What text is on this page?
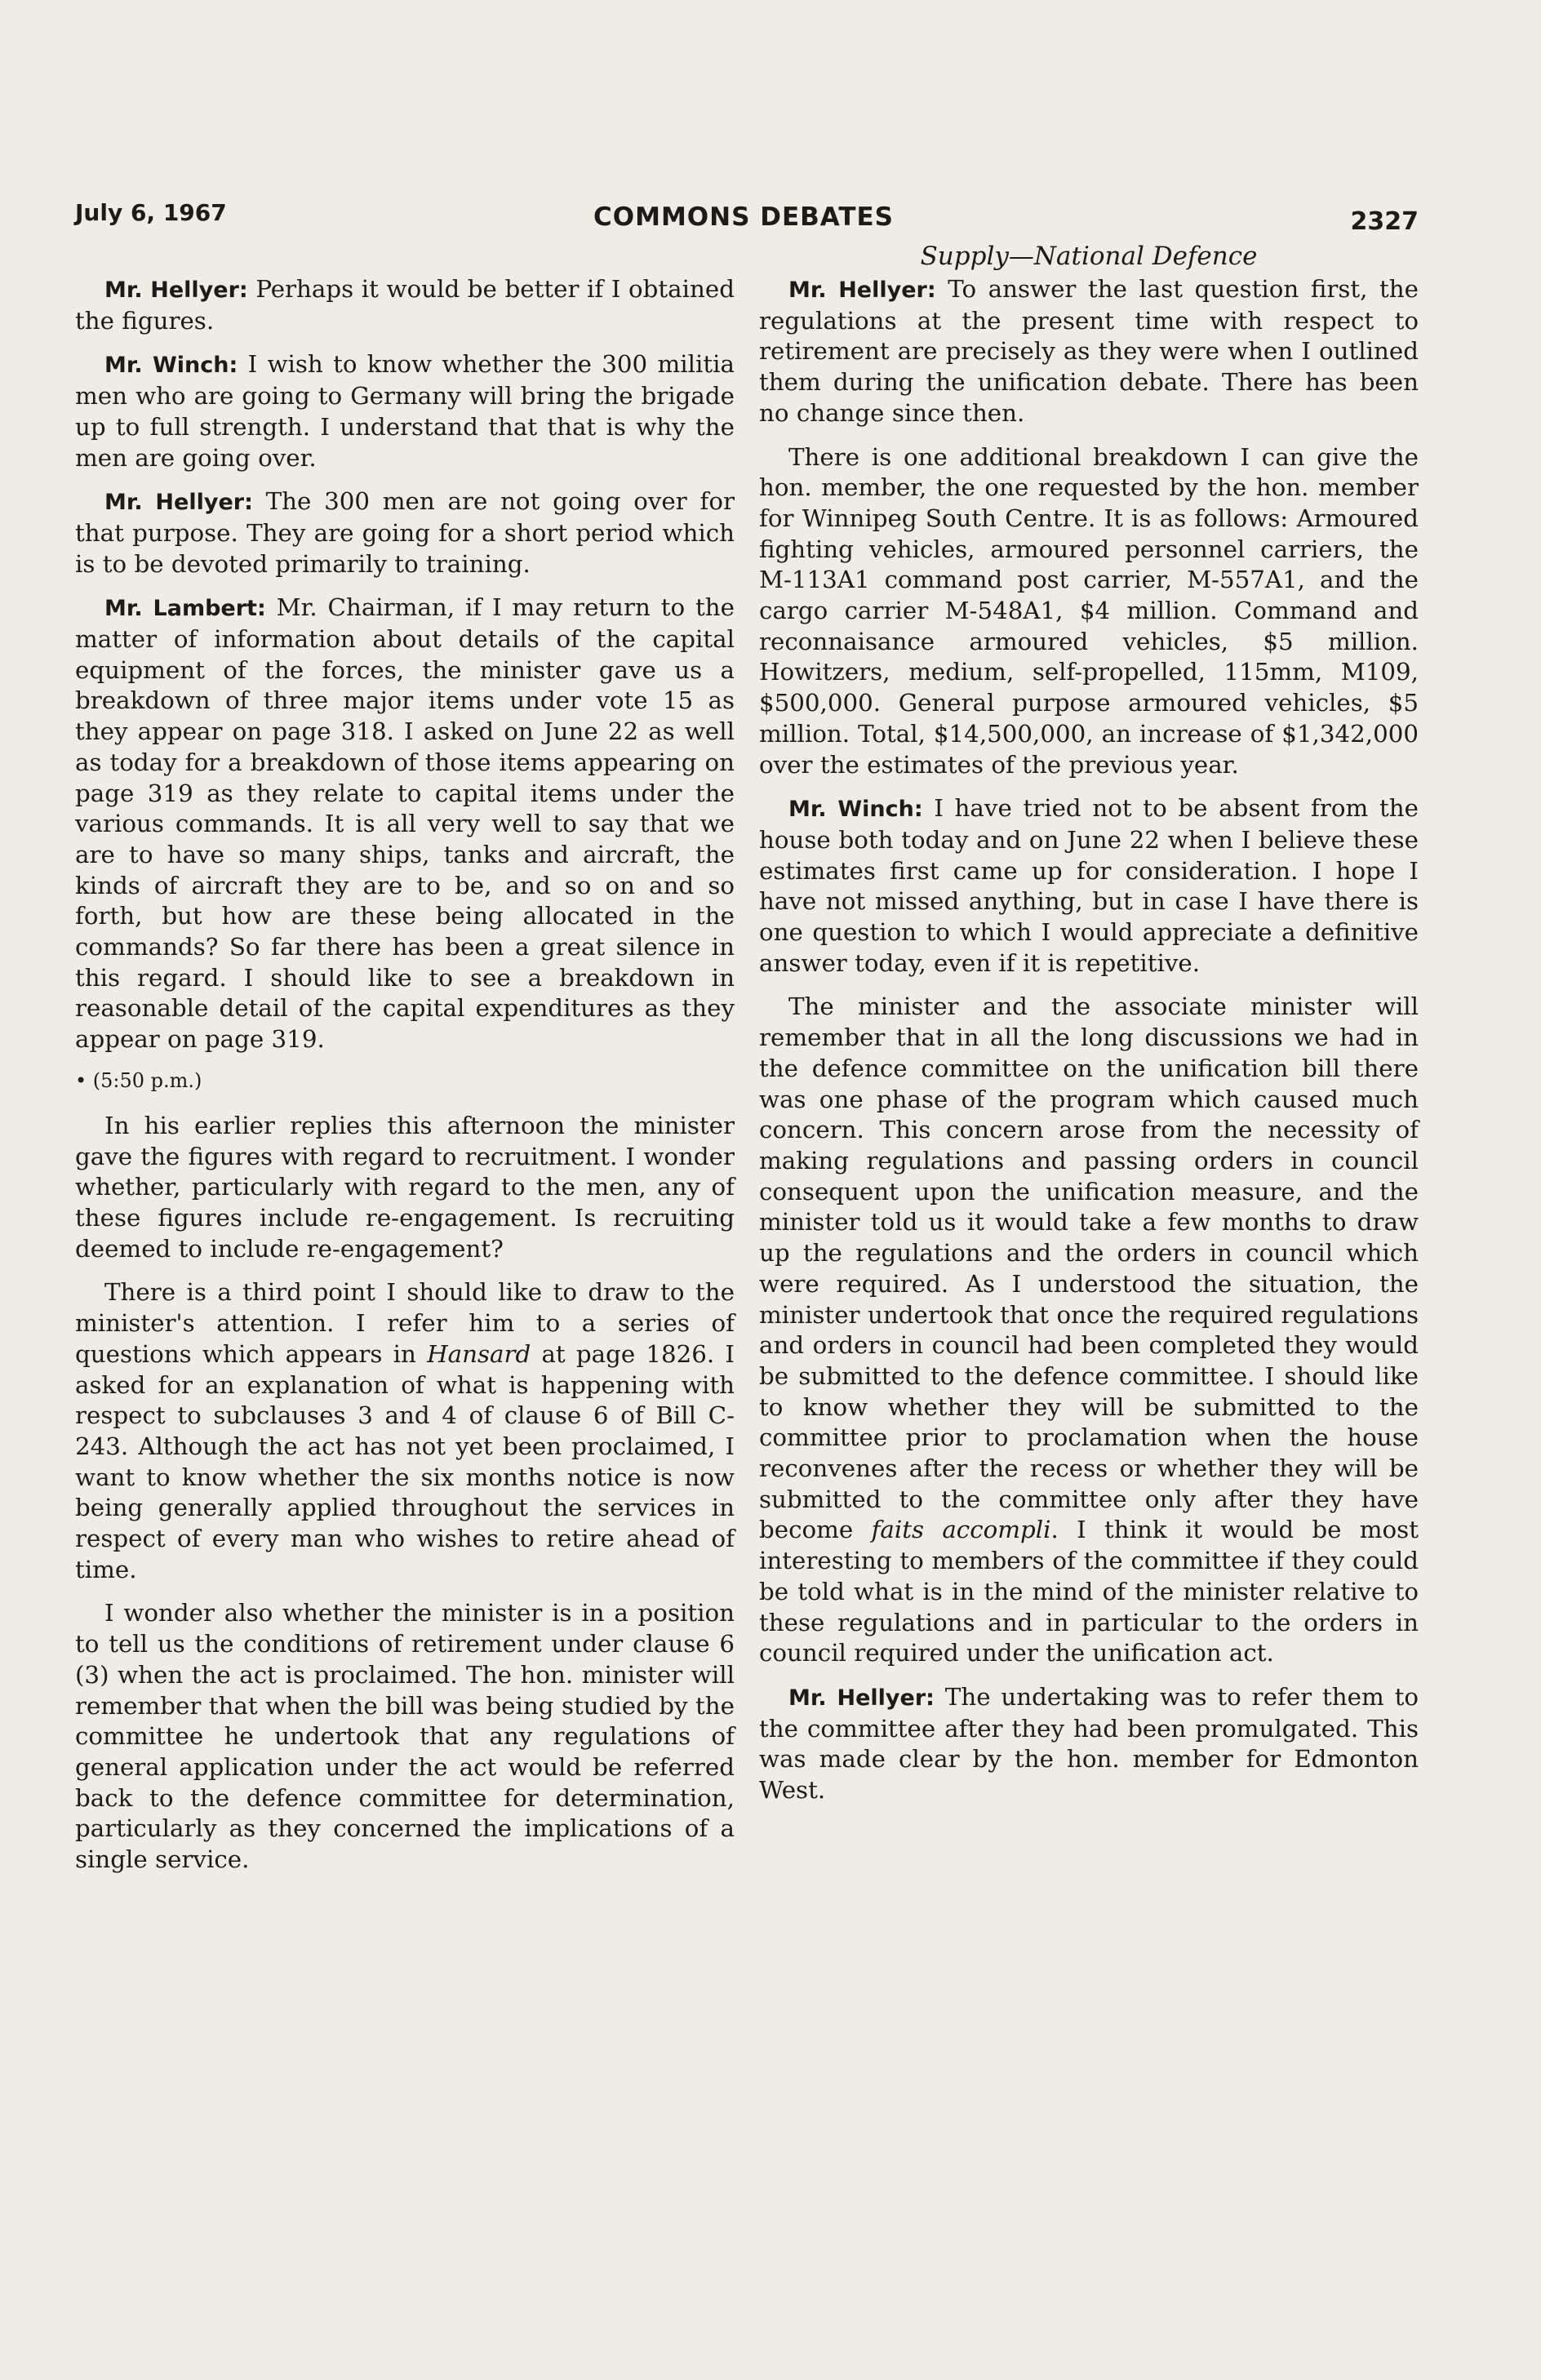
July 6, 1967	COMMONS DEBATES	2327
Supply—National Defence

Mr. Hellyer: Perhaps it would be better if I obtained the figures.

Mr. Winch: I wish to know whether the 300 militia men who are going to Germany will bring the brigade up to full strength. I understand that that is why the men are going over.

Mr. Hellyer: The 300 men are not going over for that purpose. They are going for a short period which is to be devoted primarily to training.

Mr. Lambert: Mr. Chairman, if I may return to the matter of information about details of the capital equipment of the forces, the minister gave us a breakdown of three major items under vote 15 as they appear on page 318. I asked on June 22 as well as today for a breakdown of those items appearing on page 319 as they relate to capital items under the various commands. It is all very well to say that we are to have so many ships, tanks and aircraft, the kinds of aircraft they are to be, and so on and so forth, but how are these being allocated in the commands? So far there has been a great silence in this regard. I should like to see a breakdown in reasonable detail of the capital expenditures as they appear on page 319.

• (5:50 p.m.)

In his earlier replies this afternoon the minister gave the figures with regard to recruitment. I wonder whether, particularly with regard to the men, any of these figures include re-engagement. Is recruiting deemed to include re-engagement?

There is a third point I should like to draw to the minister's attention. I refer him to a series of questions which appears in Hansard at page 1826. I asked for an explanation of what is happening with respect to subclauses 3 and 4 of clause 6 of Bill C-243. Although the act has not yet been proclaimed, I want to know whether the six months notice is now being generally applied throughout the services in respect of every man who wishes to retire ahead of time.

I wonder also whether the minister is in a position to tell us the conditions of retirement under clause 6 (3) when the act is proclaimed. The hon. minister will remember that when the bill was being studied by the committee he undertook that any regulations of general application under the act would be referred back to the defence committee for determination, particularly as they concerned the implications of a single service.

Mr. Hellyer: To answer the last question first, the regulations at the present time with respect to retirement are precisely as they were when I outlined them during the unification debate. There has been no change since then.

There is one additional breakdown I can give the hon. member, the one requested by the hon. member for Winnipeg South Centre. It is as follows: Armoured fighting vehicles, armoured personnel carriers, the M-113A1 command post carrier, M-557A1, and the cargo carrier M-548A1, $4 million. Command and reconnaisance armoured vehicles, $5 million. Howitzers, medium, self-propelled, 115mm, M109, $500,000. General purpose armoured vehicles, $5 million. Total, $14,500,000, an increase of $1,342,000 over the estimates of the previous year.

Mr. Winch: I have tried not to be absent from the house both today and on June 22 when I believe these estimates first came up for consideration. I hope I have not missed anything, but in case I have there is one question to which I would appreciate a definitive answer today, even if it is repetitive.

The minister and the associate minister will remember that in all the long discussions we had in the defence committee on the unification bill there was one phase of the program which caused much concern. This concern arose from the necessity of making regulations and passing orders in council consequent upon the unification measure, and the minister told us it would take a few months to draw up the regulations and the orders in council which were required. As I understood the situation, the minister undertook that once the required regulations and orders in council had been completed they would be submitted to the defence committee. I should like to know whether they will be submitted to the committee prior to proclamation when the house reconvenes after the recess or whether they will be submitted to the committee only after they have become faits accompli. I think it would be most interesting to members of the committee if they could be told what is in the mind of the minister relative to these regulations and in particular to the orders in council required under the unification act.

Mr. Hellyer: The undertaking was to refer them to the committee after they had been promulgated. This was made clear by the hon. member for Edmonton West.
